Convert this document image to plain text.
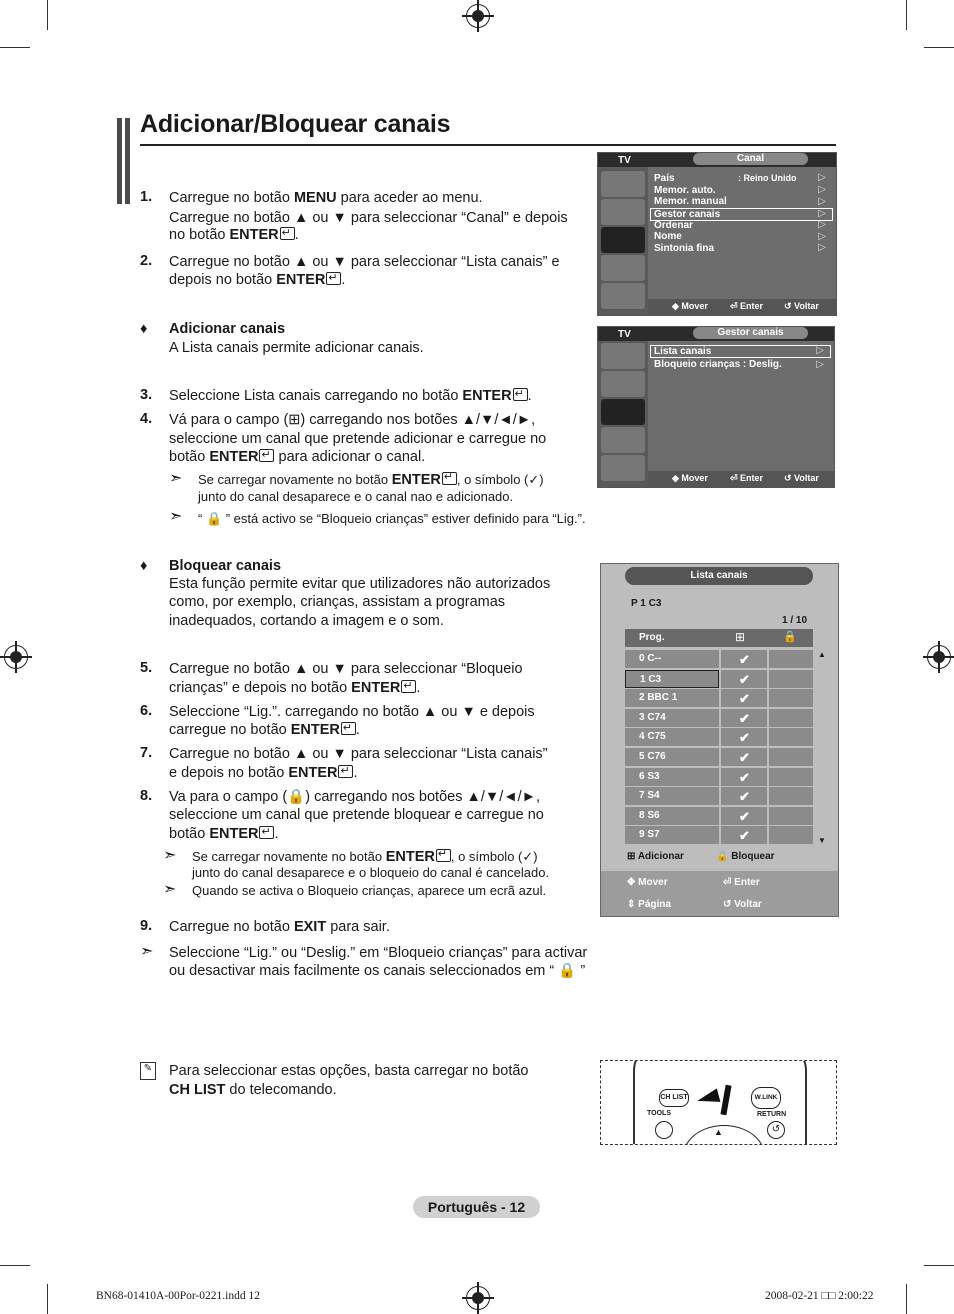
Adicionar/Bloquear canais
1. Carregue no botão MENU para aceder ao menu.
Carregue no botão ▲ ou ▼ para seleccionar “Canal” e depois
no botão ENTER ↵ .
2. Carregue no botão ▲ ou ▼ para seleccionar “Lista canais” e
depois no botão ENTER ↵ .
♦ Adicionar canais
A Lista canais permite adicionar canais.
3. Seleccione Lista canais carregando no botão ENTER ↵ .
4. Vá para o campo (⊞) carregando nos botões ▲/▼/◄/►,
seleccione um canal que pretende adicionar e carregue no
botão ENTER↵ para adicionar o canal.
➣ Se carregar novamente no botão ENTER ↵ , o símbolo (✓)
junto do canal desaparece e o canal nao e adicionado.
➣ “ 🔒 ” está activo se “Bloqueio crianças” estiver definido para “Lig.”.
♦ Bloquear canais
Esta função permite evitar que utilizadores não autorizados
como, por exemplo, crianças, assistam a programas
inadequados, cortando a imagem e o som.
5. Carregue no botão ▲ ou ▼ para seleccionar “Bloqueio
crianças” e depois no botão ENTER ↵ .
6. Seleccione “Lig.”. carregando no botão ▲ ou ▼ e depois
carregue no botão ENTER ↵ .
7. Carregue no botão ▲ ou ▼ para seleccionar “Lista canais”
e depois no botão ENTER ↵ .
8. Va para o campo (🔒) carregando nos botões ▲/▼/◄/►,
seleccione um canal que pretende bloquear e carregue no
botão ENTER ↵ .
➣ Se carregar novamente no botão ENTER ↵ , o símbolo (✓)
junto do canal desaparece e o bloqueio do canal é cancelado.
➣ Quando se activa o Bloqueio crianças, aparece um ecrã azul.
9. Carregue no botão EXIT para sair.
➣ Seleccione “Lig.” ou “Deslig.” em “Bloqueio crianças” para activar
ou desactivar mais facilmente os canais seleccionados em “ 🔒 ”
✎ Para seleccionar estas opções, basta carregar no botão
CH LIST do telecomando.
TV	Canal
País	: Reino Unido
Memor. auto.
Memor. manual
Gestor canais
Ordenar
Nome
Sintonia fina
▷
▷
▷
▷
▷
▷
▷
◆ Mover ⏎ Enter ↺ Voltar
TV	Gestor canais
Lista canais
Bloqueio crianças : Deslig.
▷
▷
◆ Mover ⏎ Enter ↺ Voltar
Lista canais
P 1 C3
1 / 10
Prog.	⊞	🔒
0 C--	✔
1 C3	✔
2 BBC 1	✔
3 C74	✔
4 C75	✔
5 C76	✔
6 S3	✔
7 S4	✔
8 S6	✔
9 S7	✔
▲
▼
⊞ Adicionar	🔒 Bloquear
✥ Mover	⏎ Enter
⇕ Página	↺ Voltar
CH LIST	W.LINK
TOOLS	RETURN
↺
▲
Português - 12
BN68-01410A-00Por-0221.indd 12	2008-02-21 □□ 2:00:22
